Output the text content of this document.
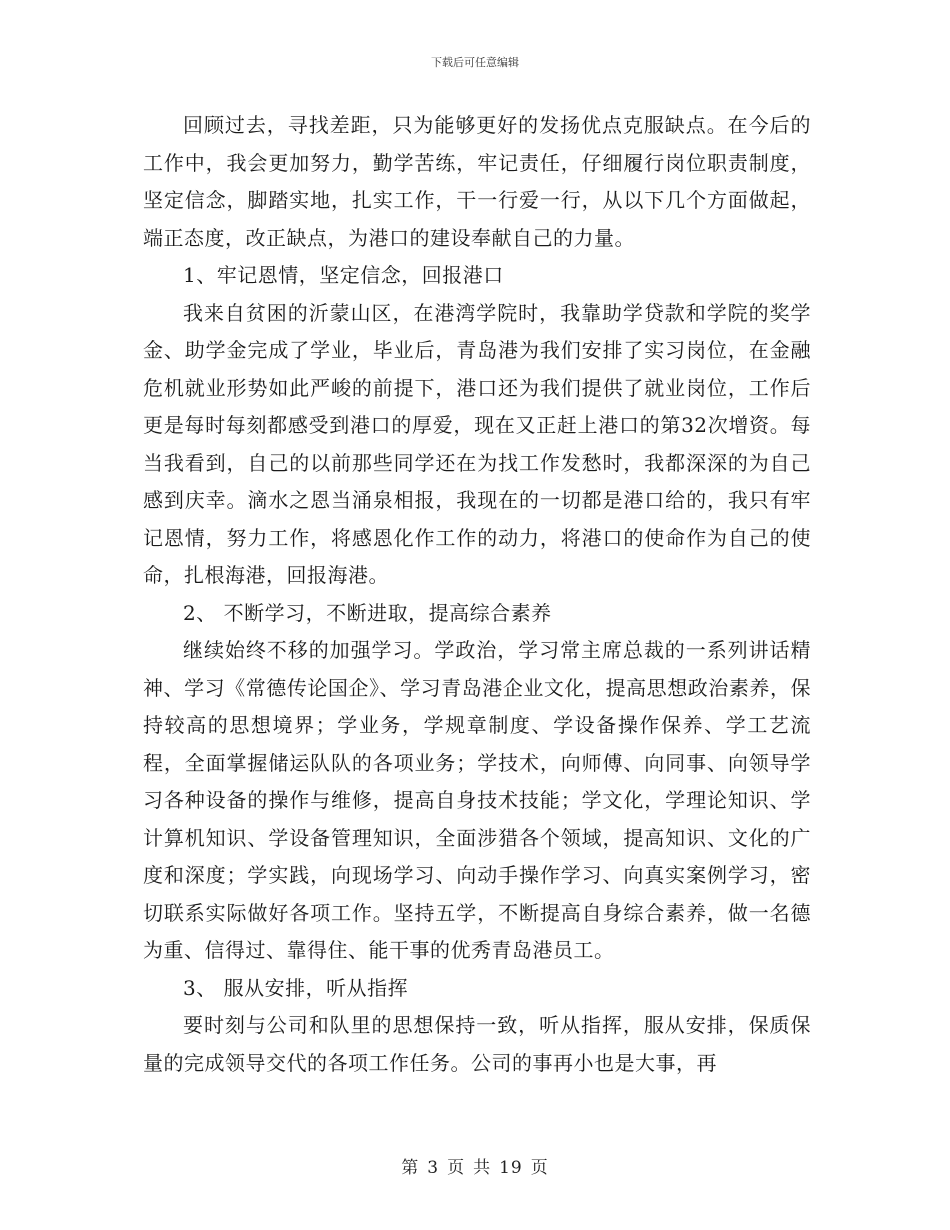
下载后可任意编辑

回顾过去，寻找差距，只为能够更好的发扬优点克服缺点。在今后的工作中，我会更加努力，勤学苦练，牢记责任，仔细履行岗位职责制度，坚定信念，脚踏实地，扎实工作，干一行爱一行，从以下几个方面做起，端正态度，改正缺点，为港口的建设奉献自己的力量。

1、牢记恩情，坚定信念，回报港口

我来自贫困的沂蒙山区，在港湾学院时，我靠助学贷款和学院的奖学金、助学金完成了学业，毕业后，青岛港为我们安排了实习岗位，在金融危机就业形势如此严峻的前提下，港口还为我们提供了就业岗位，工作后更是每时每刻都感受到港口的厚爱，现在又正赶上港口的第32次增资。每当我看到，自己的以前那些同学还在为找工作发愁时，我都深深的为自己感到庆幸。滴水之恩当涌泉相报，我现在的一切都是港口给的，我只有牢记恩情，努力工作，将感恩化作工作的动力，将港口的使命作为自己的使命，扎根海港，回报海港。

2、 不断学习，不断进取，提高综合素养

继续始终不移的加强学习。学政治，学习常主席总裁的一系列讲话精神、学习《常德传论国企》、学习青岛港企业文化，提高思想政治素养，保持较高的思想境界；学业务，学规章制度、学设备操作保养、学工艺流程，全面掌握储运队队的各项业务；学技术，向师傅、向同事、向领导学习各种设备的操作与维修，提高自身技术技能；学文化，学理论知识、学计算机知识、学设备管理知识，全面涉猎各个领域，提高知识、文化的广度和深度；学实践，向现场学习、向动手操作学习、向真实案例学习，密切联系实际做好各项工作。坚持五学，不断提高自身综合素养，做一名德为重、信得过、靠得住、能干事的优秀青岛港员工。

3、 服从安排，听从指挥

要时刻与公司和队里的思想保持一致，听从指挥，服从安排，保质保量的完成领导交代的各项工作任务。公司的事再小也是大事，再

第 3 页 共 19 页
